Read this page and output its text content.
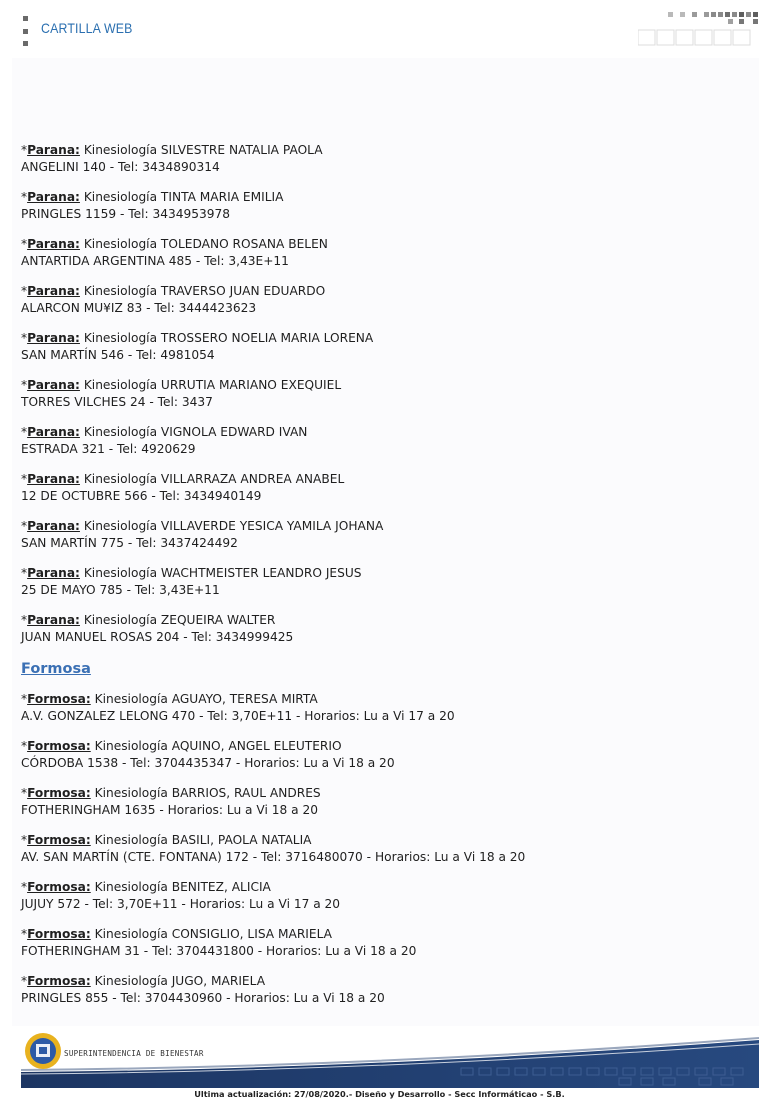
CARTILLA WEB
*Parana: Kinesiología SILVESTRE NATALIA PAOLA
ANGELINI 140 - Tel: 3434890314
*Parana: Kinesiología TINTA MARIA EMILIA
PRINGLES 1159 - Tel: 3434953978
*Parana: Kinesiología TOLEDANO ROSANA BELEN
ANTARTIDA ARGENTINA 485 - Tel: 3,43E+11
*Parana: Kinesiología TRAVERSO JUAN EDUARDO
ALARCON MU¥IZ 83 - Tel: 3444423623
*Parana: Kinesiología TROSSERO NOELIA MARIA LORENA
SAN MARTÍN 546 - Tel: 4981054
*Parana: Kinesiología URRUTIA MARIANO EXEQUIEL
TORRES VILCHES 24 - Tel: 3437
*Parana: Kinesiología VIGNOLA EDWARD IVAN
ESTRADA 321 - Tel: 4920629
*Parana: Kinesiología VILLARRAZA ANDREA ANABEL
12 DE OCTUBRE 566 - Tel: 3434940149
*Parana: Kinesiología VILLAVERDE YESICA YAMILA JOHANA
SAN MARTÍN 775 - Tel: 3437424492
*Parana: Kinesiología WACHTMEISTER LEANDRO JESUS
25 DE MAYO 785 - Tel: 3,43E+11
*Parana: Kinesiología ZEQUEIRA WALTER
JUAN MANUEL ROSAS 204 - Tel: 3434999425
Formosa
*Formosa: Kinesiología AGUAYO, TERESA MIRTA
A.V. GONZALEZ LELONG 470 - Tel: 3,70E+11 - Horarios: Lu a Vi 17 a 20
*Formosa: Kinesiología AQUINO, ANGEL ELEUTERIO
CÓRDOBA 1538 - Tel: 3704435347 - Horarios: Lu a Vi 18 a 20
*Formosa: Kinesiología BARRIOS, RAUL ANDRES
FOTHERINGHAM 1635 - Horarios: Lu a Vi 18 a 20
*Formosa: Kinesiología BASILI, PAOLA NATALIA
AV. SAN MARTÍN (CTE. FONTANA) 172 - Tel: 3716480070 - Horarios: Lu a Vi 18 a 20
*Formosa: Kinesiología BENITEZ, ALICIA
JUJUY 572 - Tel: 3,70E+11 - Horarios: Lu a Vi 17 a 20
*Formosa: Kinesiología CONSIGLIO, LISA MARIELA
FOTHERINGHAM 31 - Tel: 3704431800 - Horarios: Lu a Vi 18 a 20
*Formosa: Kinesiología JUGO, MARIELA
PRINGLES 855 - Tel: 3704430960 - Horarios: Lu a Vi 18 a 20
SUPERINTENDENCIA DE BIENESTAR
Ultima actualización: 27/08/2020.- Diseño y Desarrollo - Secc Informáticao - S.B.
